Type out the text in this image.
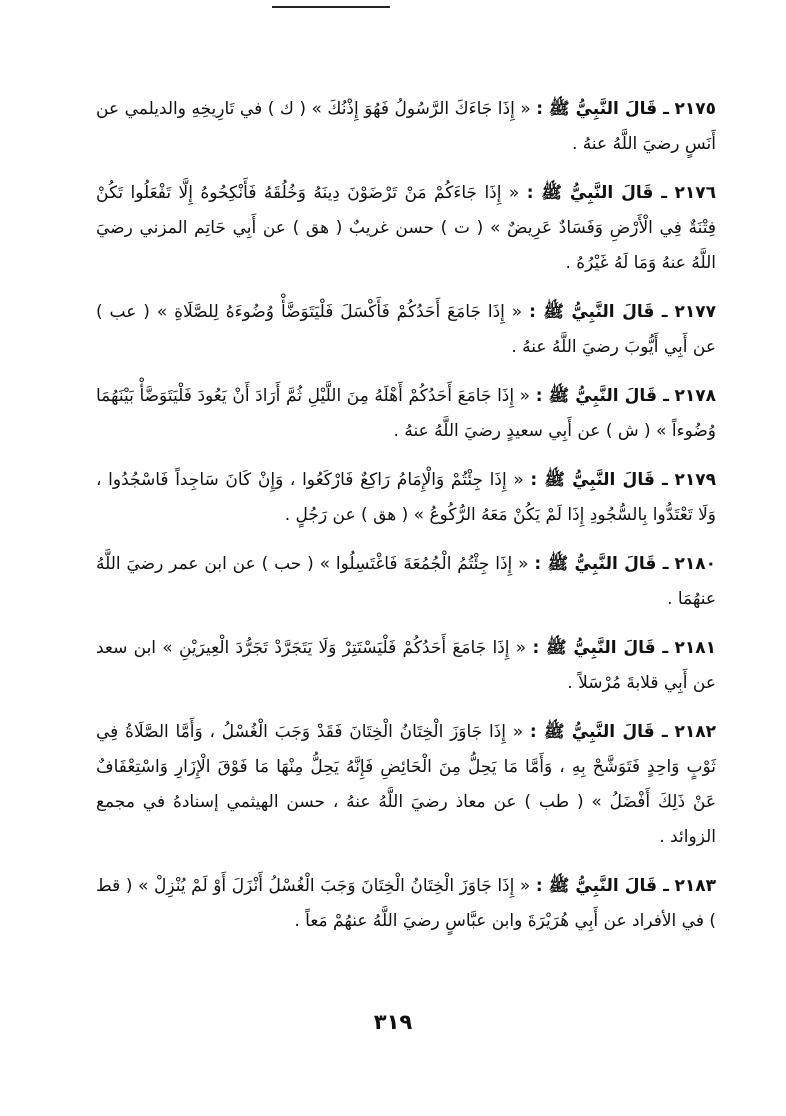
٢١٧٥ ـ قَالَ النَّبِيُّ ﷺ : « إِذَا جَاءَكَ الرَّسُولُ فَهُوَ إِذْنُكَ » ( ك ) في تَارِيخِهِ والديلمي عن أَنَسٍ رضيَ اللَّهُ عنهُ .

٢١٧٦ ـ قَالَ النَّبِيُّ ﷺ : « إِذَا جَاءَكُمْ مَنْ تَرْضَوْنَ دِينَهُ وَخُلُقَهُ فَأَنْكِحُوهُ إِلَّا تَفْعَلُوا تَكُنْ فِتْنَةٌ فِي الْأَرْضِ وَفَسَادٌ عَرِيضٌ » ( ت ) حسن غريبٌ ( هق ) عن أَبِي حَاتِم المزني رضيَ اللَّهُ عنهُ وَمَا لَهُ غَيْرُهُ .

٢١٧٧ ـ قَالَ النَّبِيُّ ﷺ : « إِذَا جَامَعَ أَحَدُكُمْ فَأَكْسَلَ فَلْيَتَوَضَّأْ وُضُوءَهُ لِلصَّلَاةِ » ( عب ) عن أَبِي أَيُّوبَ رضيَ اللَّهُ عنهُ .

٢١٧٨ ـ قَالَ النَّبِيُّ ﷺ : « إِذَا جَامَعَ أَحَدُكُمْ أَهْلَهُ مِنَ اللَّيْلِ ثُمَّ أَرَادَ أَنْ يَعُودَ فَلْيَتَوَضَّأْ بَيْنَهُمَا وُضُوءاً » ( ش ) عن أَبِي سعيدٍ رضيَ اللَّهُ عنهُ .

٢١٧٩ ـ قَالَ النَّبِيُّ ﷺ : « إِذَا جِئْتُمْ وَالْإِمَامُ رَاكِعٌ فَارْكَعُوا ، وَإِنْ كَانَ سَاجِداً فَاسْجُدُوا ، وَلَا تَعْتَدُّوا بِالسُّجُودِ إِذَا لَمْ يَكُنْ مَعَهُ الرُّكُوعُ » ( هق ) عن رَجُلٍ .

٢١٨٠ ـ قَالَ النَّبِيُّ ﷺ : « إِذَا جِئْتُمُ الْجُمُعَةَ فَاغْتَسِلُوا » ( حب ) عن ابن عمر رضيَ اللَّهُ عنهُمَا .

٢١٨١ ـ قَالَ النَّبِيُّ ﷺ : « إِذَا جَامَعَ أَحَدُكُمْ فَلْيَسْتَتِرْ وَلَا يَتَجَرَّدْ تَجَرُّدَ الْعِيرَيْنِ » ابن سعد عن أَبِي قلابةَ مُرْسَلاً .

٢١٨٢ ـ قَالَ النَّبِيُّ ﷺ : « إِذَا جَاوَزَ الْخِتَانُ الْخِتَانَ فَقَدْ وَجَبَ الْغُسْلُ ، وَأَمَّا الصَّلَاةُ فِي ثَوْبٍ وَاحِدٍ فَتَوَشَّحْ بِهِ ، وَأَمَّا مَا يَحِلُّ مِنَ الْحَائِضِ فَإِنَّهُ يَحِلُّ مِنْهَا مَا فَوْقَ الْإِزَارِ وَاسْتِعْفَافٌ عَنْ ذَلِكَ أَفْضَلُ » ( طب ) عن معاذ رضيَ اللَّهُ عنهُ ، حسن الهيثمي إسنادهُ في مجمع الزوائد .

٢١٨٣ ـ قَالَ النَّبِيُّ ﷺ : « إِذَا جَاوَزَ الْخِتَانُ الْخِتَانَ وَجَبَ الْغُسْلُ أَنْزَلَ أَوْ لَمْ يُنْزِلْ » ( قط ) في الأفراد عن أَبِي هُرَيْرَةَ وابن عبَّاسٍ رضيَ اللَّهُ عنهُمْ مَعاً .

٣١٩
